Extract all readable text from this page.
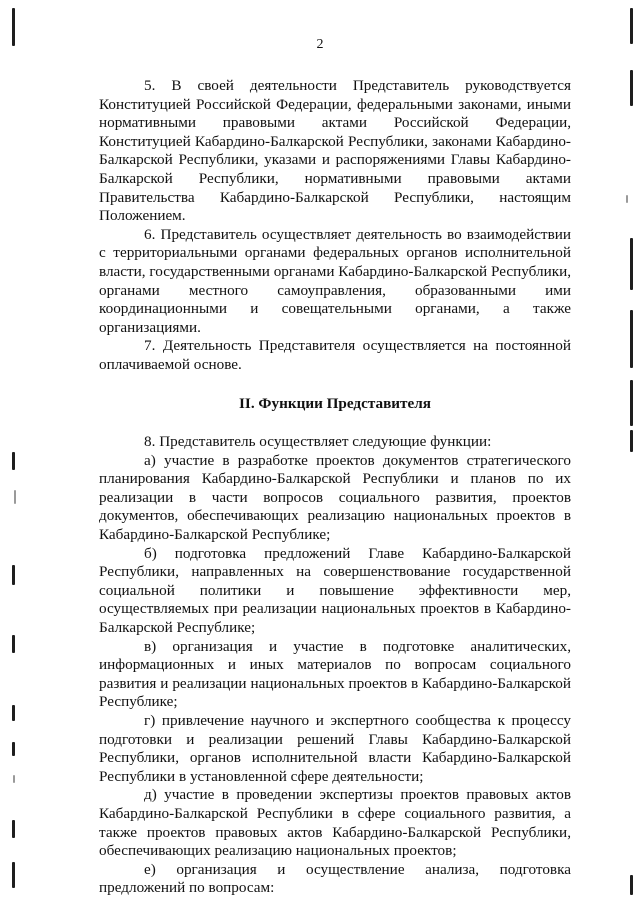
2

5. В своей деятельности Представитель руководствуется Конституцией Российской Федерации, федеральными законами, иными нормативными правовыми актами Российской Федерации, Конституцией Кабардино-Балкарской Республики, законами Кабардино-Балкарской Республики, указами и распоряжениями Главы Кабардино-Балкарской Республики, нормативными правовыми актами Правительства Кабардино-Балкарской Республики, настоящим Положением.

6. Представитель осуществляет деятельность во взаимодействии с территориальными органами федеральных органов исполнительной власти, государственными органами Кабардино-Балкарской Республики, органами местного самоуправления, образованными ими координационными и совещательными органами, а также организациями.

7. Деятельность Представителя осуществляется на постоянной оплачиваемой основе.

II. Функции Представителя

8. Представитель осуществляет следующие функции:

а) участие в разработке проектов документов стратегического планирования Кабардино-Балкарской Республики и планов по их реализации в части вопросов социального развития, проектов документов, обеспечивающих реализацию национальных проектов в Кабардино-Балкарской Республике;

б) подготовка предложений Главе Кабардино-Балкарской Республики, направленных на совершенствование государственной социальной политики и повышение эффективности мер, осуществляемых при реализации национальных проектов в Кабардино-Балкарской Республике;

в) организация и участие в подготовке аналитических, информационных и иных материалов по вопросам социального развития и реализации национальных проектов в Кабардино-Балкарской Республике;

г) привлечение научного и экспертного сообщества к процессу подготовки и реализации решений Главы Кабардино-Балкарской Республики, органов исполнительной власти Кабардино-Балкарской Республики в установленной сфере деятельности;

д) участие в проведении экспертизы проектов правовых актов Кабардино-Балкарской Республики в сфере социального развития, а также проектов правовых актов Кабардино-Балкарской Республики, обеспечивающих реализацию национальных проектов;

е) организация и осуществление анализа, подготовка предложений по вопросам:
